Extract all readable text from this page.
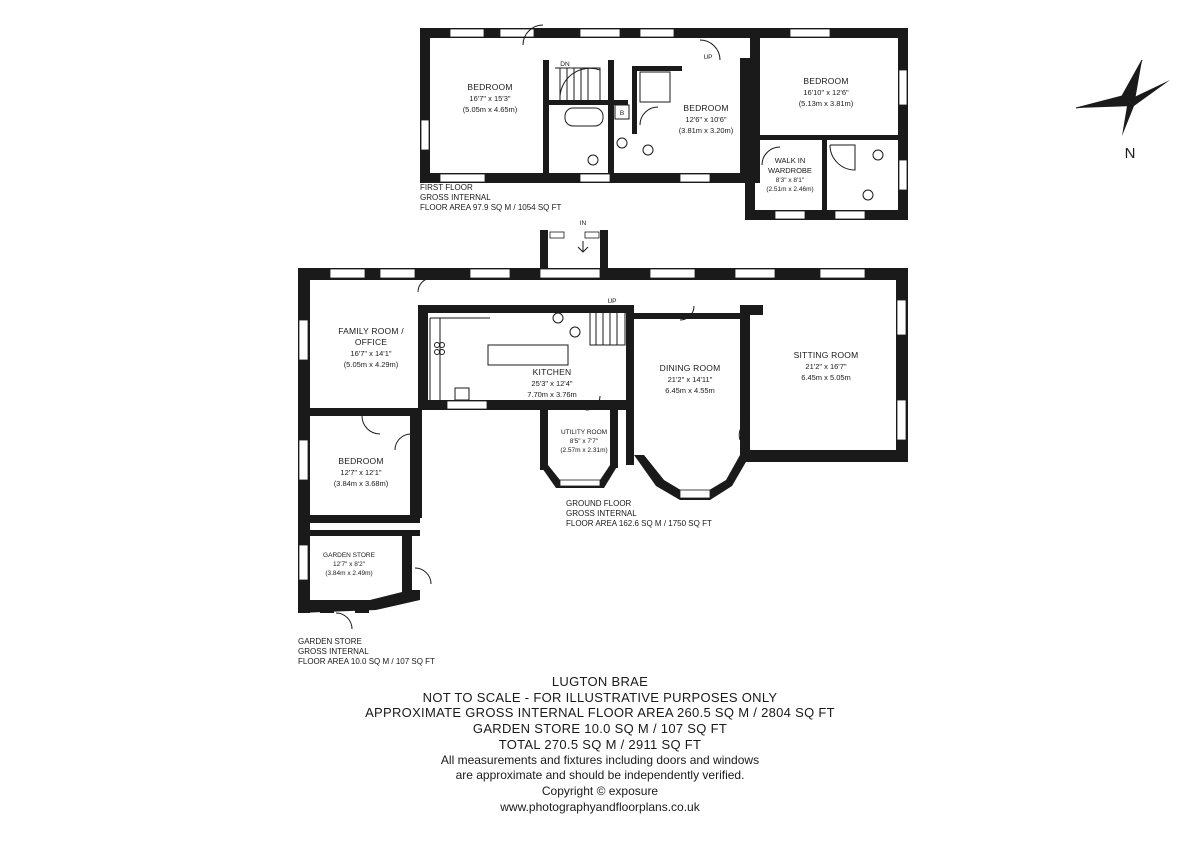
B
DN
UP
BEDROOM
16'7" x 15'3"
(5.05m x 4.65m)	BEDROOM
12'6" x 10'6"
(3.81m x 3.20m)
BEDROOM
16'10" x 12'6"
(5.13m x 3.81m)
WALK IN
WARDROBE
8'3" x 8'1"
(2.51m x 2.46m)
FIRST FLOOR
GROSS INTERNAL
FLOOR AREA 97.9 SQ M / 1054 SQ FT
N
IN
UP
FAMILY ROOM /
OFFICE
16'7" x 14'1"
(5.05m x 4.29m)
KITCHEN
25'3" x 12'4"
7.70m x 3.76m
DINING ROOM
21'2" x 14'11"
6.45m x 4.55m
SITTING ROOM
21'2" x 16'7"
6.45m x 5.05m
UTILITY ROOM
8'5" x 7'7"
(2.57m x 2.31m)
BEDROOM
12'7" x 12'1"
(3.84m x 3.68m)
GARDEN STORE
12'7" x 8'2"
(3.84m x 2.49m)
GROUND FLOOR
GROSS INTERNAL
FLOOR AREA 162.6 SQ M / 1750 SQ FT
GARDEN STORE
GROSS INTERNAL
FLOOR AREA 10.0 SQ M / 107 SQ FT
LUGTON BRAE
NOT TO SCALE - FOR ILLUSTRATIVE PURPOSES ONLY
APPROXIMATE GROSS INTERNAL FLOOR AREA 260.5 SQ M / 2804 SQ FT
GARDEN STORE 10.0 SQ M / 107 SQ FT
TOTAL 270.5 SQ M / 2911 SQ FT
All measurements and fixtures including doors and windows
are approximate and should be independently verified.
Copyright © exposure
www.photographyandfloorplans.co.uk
